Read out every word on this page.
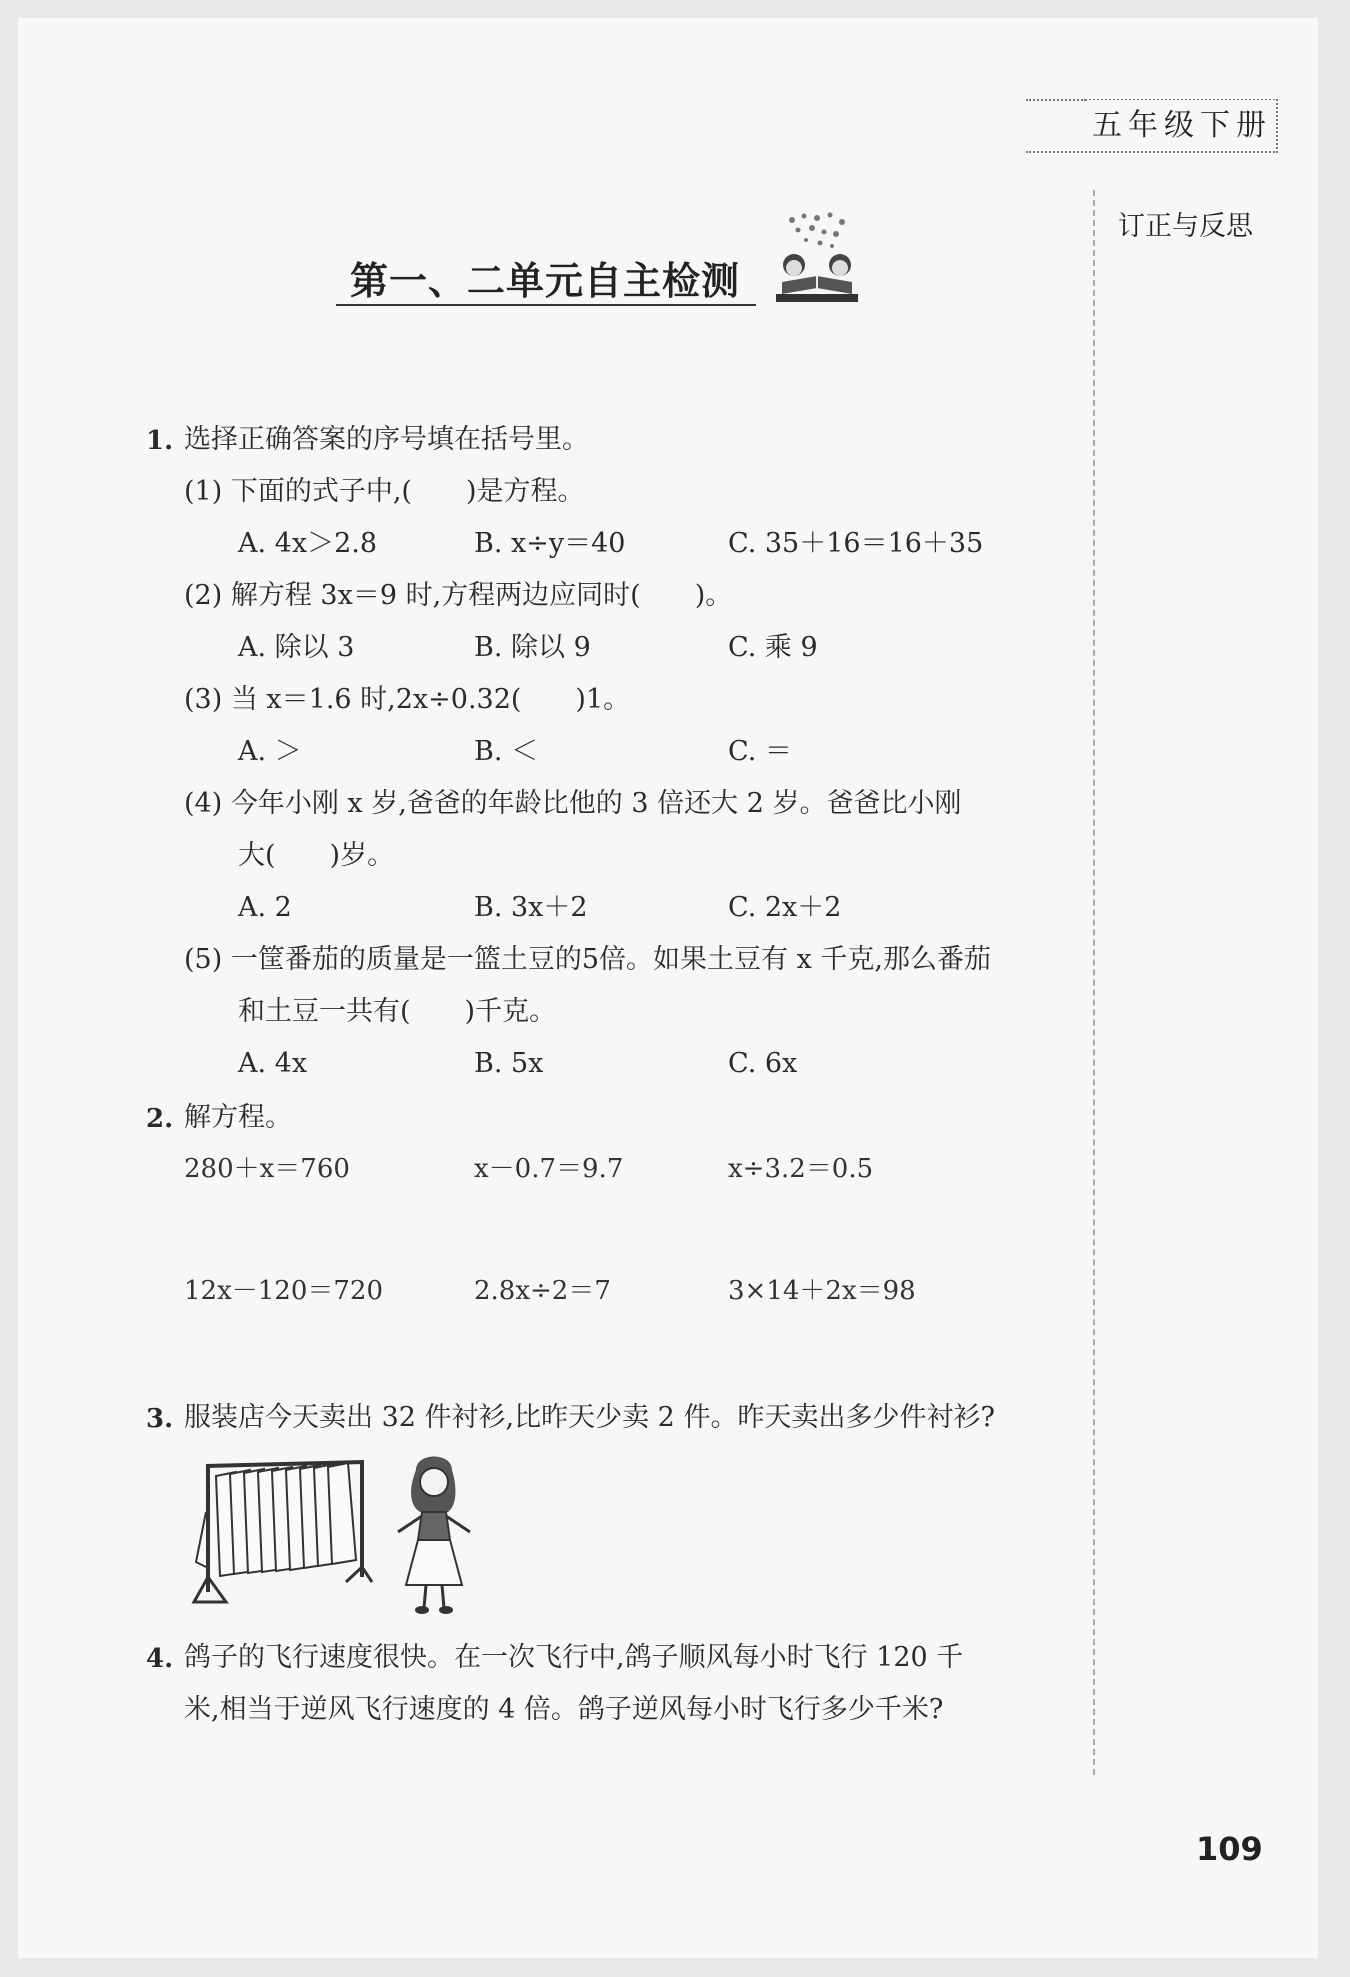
五年级下册
订正与反思
第一、二单元自主检测
1. 选择正确答案的序号填在括号里。
(1) 下面的式子中,(　　)是方程。
A. 4x＞2.8	B. x÷y＝40	C. 35＋16＝16＋35
(2) 解方程 3x＝9 时,方程两边应同时(　　)。
A. 除以 3	B. 除以 9	C. 乘 9
(3) 当 x＝1.6 时,2x÷0.32(　　)1。
A. ＞	B. ＜	C. ＝
(4) 今年小刚 x 岁,爸爸的年龄比他的 3 倍还大 2 岁。爸爸比小刚
大(　　)岁。
A. 2	B. 3x＋2	C. 2x＋2
(5) 一筐番茄的质量是一篮土豆的5倍。如果土豆有 x 千克,那么番茄
和土豆一共有(　　)千克。
A. 4x	B. 5x	C. 6x
2. 解方程。
280＋x＝760	x－0.7＝9.7	x÷3.2＝0.5
12x－120＝720	2.8x÷2＝7	3×14＋2x＝98
3. 服装店今天卖出 32 件衬衫,比昨天少卖 2 件。昨天卖出多少件衬衫?
4. 鸽子的飞行速度很快。在一次飞行中,鸽子顺风每小时飞行 120 千
米,相当于逆风飞行速度的 4 倍。鸽子逆风每小时飞行多少千米?
109
